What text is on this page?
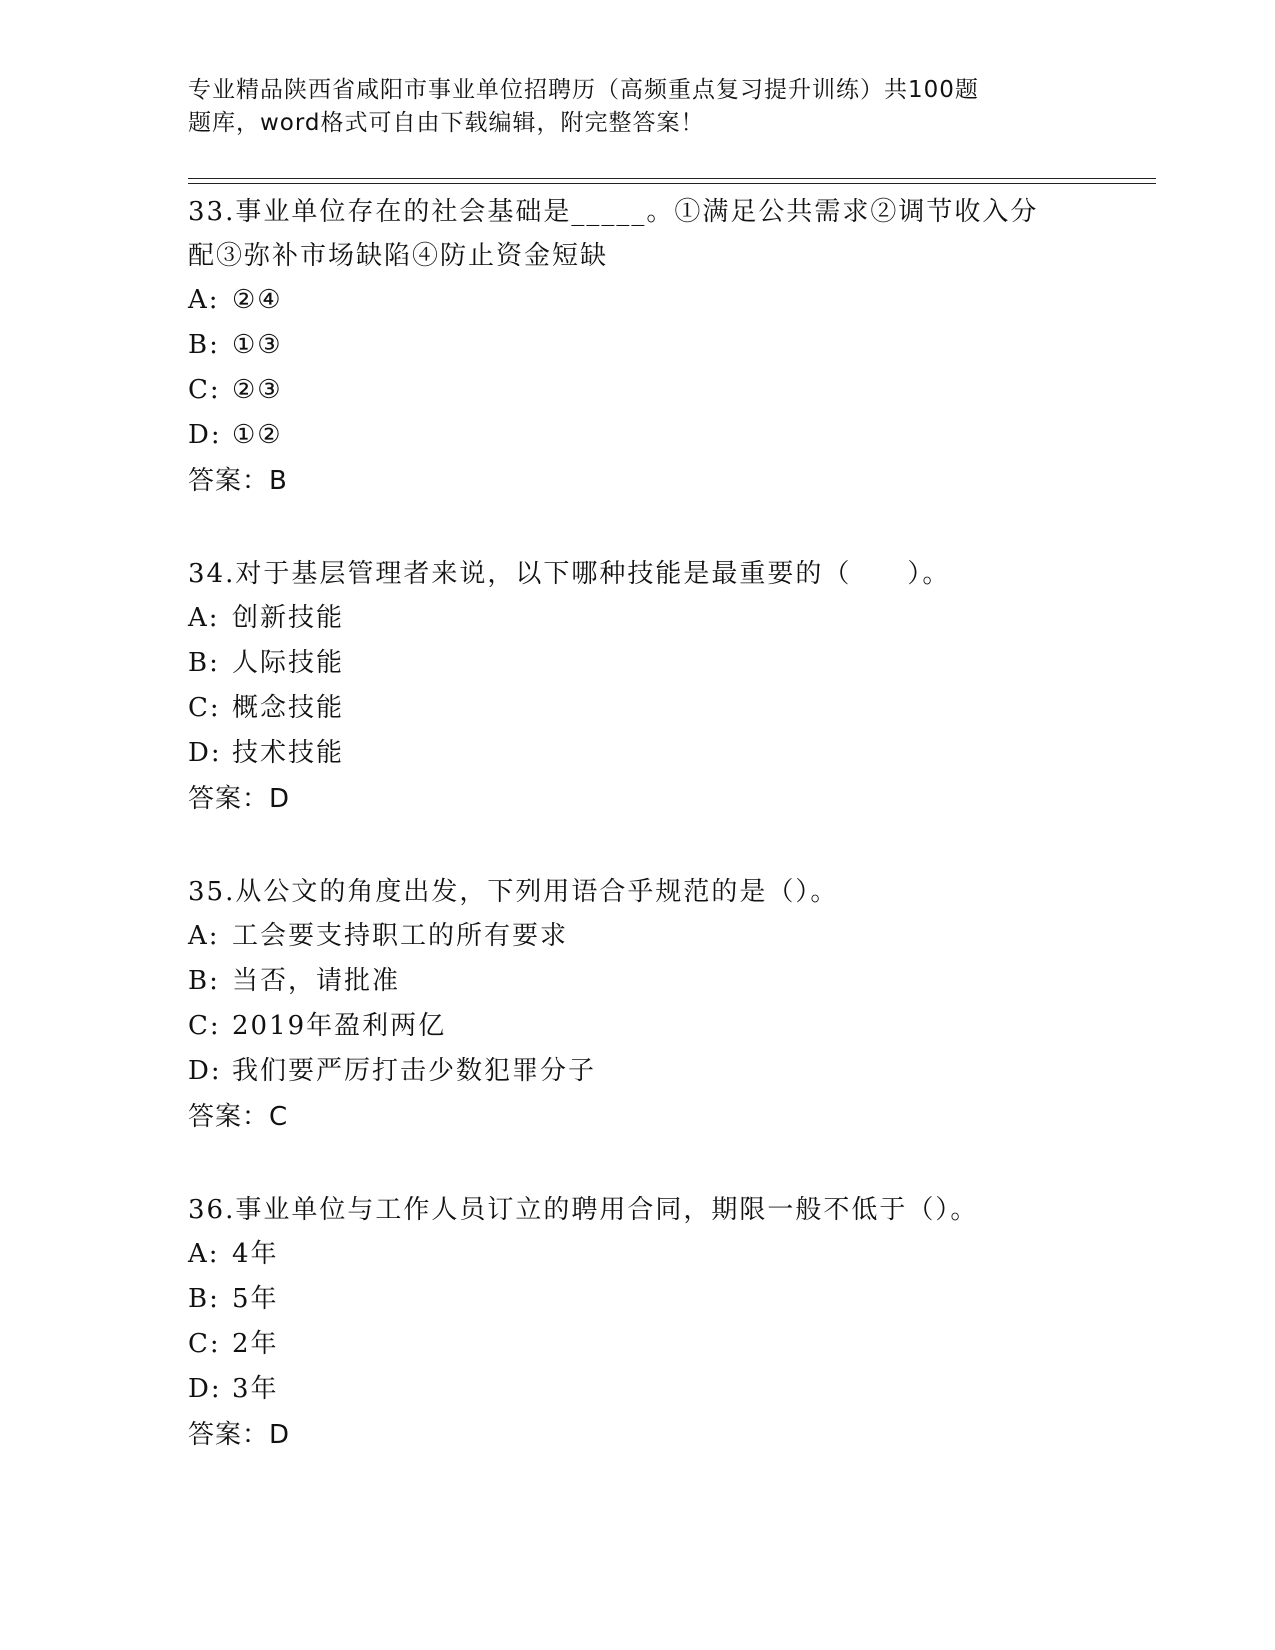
专业精品陕西省咸阳市事业单位招聘历（高频重点复习提升训练）共100题
题库，word格式可自由下载编辑，附完整答案！

33.事业单位存在的社会基础是_____。①满足公共需求②调节收入分
配③弥补市场缺陷④防止资金短缺

A: ②④

B: ①③

C: ②③

D: ①②

答案：B

34.对于基层管理者来说，以下哪种技能是最重要的（　　）。

A: 创新技能

B: 人际技能

C: 概念技能

D: 技术技能

答案：D

35.从公文的角度出发，下列用语合乎规范的是（）。

A: 工会要支持职工的所有要求

B: 当否，请批准

C: 2019年盈利两亿

D: 我们要严厉打击少数犯罪分子

答案：C

36.事业单位与工作人员订立的聘用合同，期限一般不低于（）。

A: 4年

B: 5年

C: 2年

D: 3年

答案：D
